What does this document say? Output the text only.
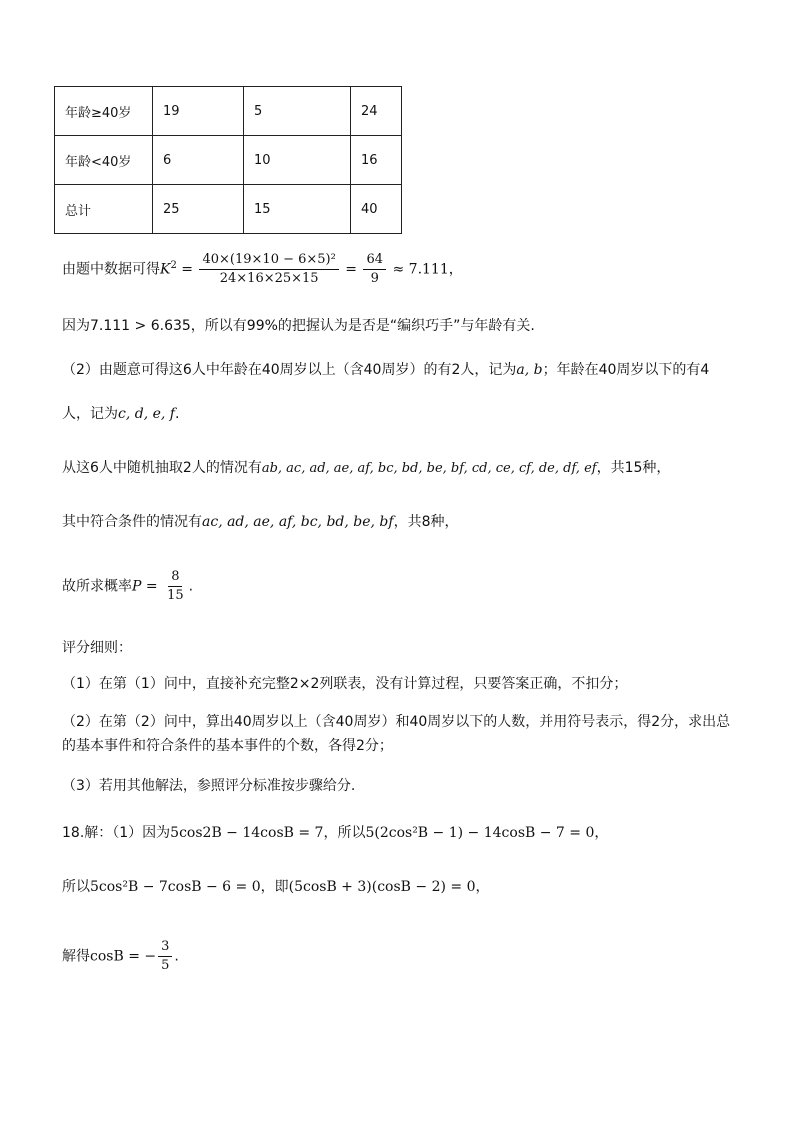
年龄≥40岁	19	5	24
年龄<40岁	6	10	16
总计	25	15	40
由题中数据可得$K^2 = \frac{\text{40×(19×10 − 6×5)²}}{24\times 16\times 25\times 15} = \frac{64}{9} \approx 7.111$，
因为7.111 > 6.635，所以有99%的把握认为是否是“编织巧手”与年龄有关.
（2）由题意可得这6人中年龄在40周岁以上（含40周岁）的有2人，记为a, b；年龄在40周岁以下的有4
人，记为c, d, e, f.
从这6人中随机抽取2人的情况有ab, ac, ad, ae, af, bc, bd, be, bf, cd, ce, cf, de, df, ef，共15种，
其中符合条件的情况有ac, ad, ae, af, bc, bd, be, bf，共8种，
故所求概率$P = \frac{8}{15}$ .
评分细则：
（1）在第（1）问中，直接补充完整2×2列联表，没有计算过程，只要答案正确，不扣分；
（2）在第（2）问中，算出40周岁以上（含40周岁）和40周岁以下的人数，并用符号表示，得2分，求出总的基本事件和符合条件的基本事件的个数，各得2分；
（3）若用其他解法，参照评分标准按步骤给分.
18.解：（1）因为5cos2B − 14cosB = 7，所以5(2cos²B − 1) − 14cosB − 7 = 0，
所以5cos²B − 7cosB − 6 = 0，即(5cosB + 3)(cosB − 2) = 0，
解得cosB = − $\frac{3}{5}$ .
